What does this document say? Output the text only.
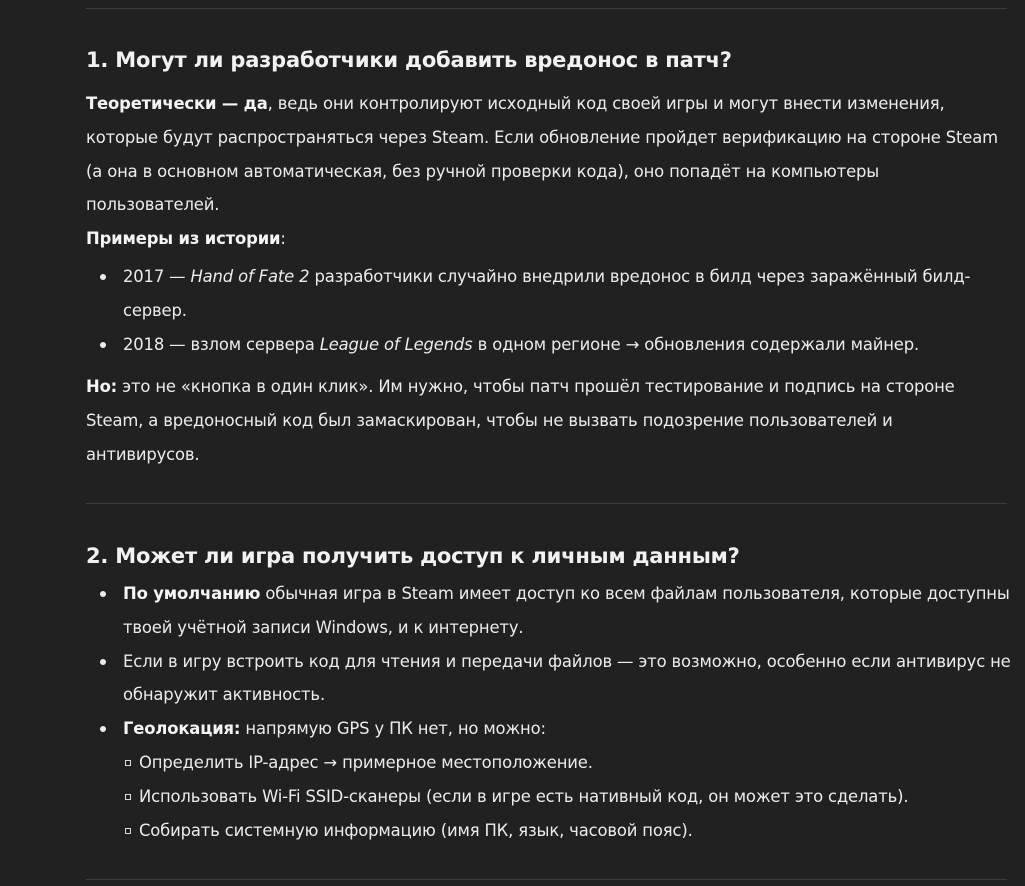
1. Могут ли разработчики добавить вредонос в патч?

Теоретически — да, ведь они контролируют исходный код своей игры и могут внести изменения, которые будут распространяться через Steam. Если обновление пройдет верификацию на стороне Steam (а она в основном автоматическая, без ручной проверки кода), оно попадёт на компьютеры пользователей.

Примеры из истории:

2017 — Hand of Fate 2 разработчики случайно внедрили вредонос в билд через заражённый билд-сервер.
2018 — взлом сервера League of Legends в одном регионе → обновления содержали майнер.

Но: это не «кнопка в один клик». Им нужно, чтобы патч прошёл тестирование и подпись на стороне Steam, а вредоносный код был замаскирован, чтобы не вызвать подозрение пользователей и антивирусов.

2. Может ли игра получить доступ к личным данным?
По умолчанию обычная игра в Steam имеет доступ ко всем файлам пользователя, которые доступны твоей учётной записи Windows, и к интернету.
Если в игру встроить код для чтения и передачи файлов — это возможно, особенно если антивирус не обнаружит активность.
Геолокация: напрямую GPS у ПК нет, но можно:
Определить IP-адрес → примерное местоположение.
Использовать Wi-Fi SSID-сканеры (если в игре есть нативный код, он может это сделать).
Собирать системную информацию (имя ПК, язык, часовой пояс).
